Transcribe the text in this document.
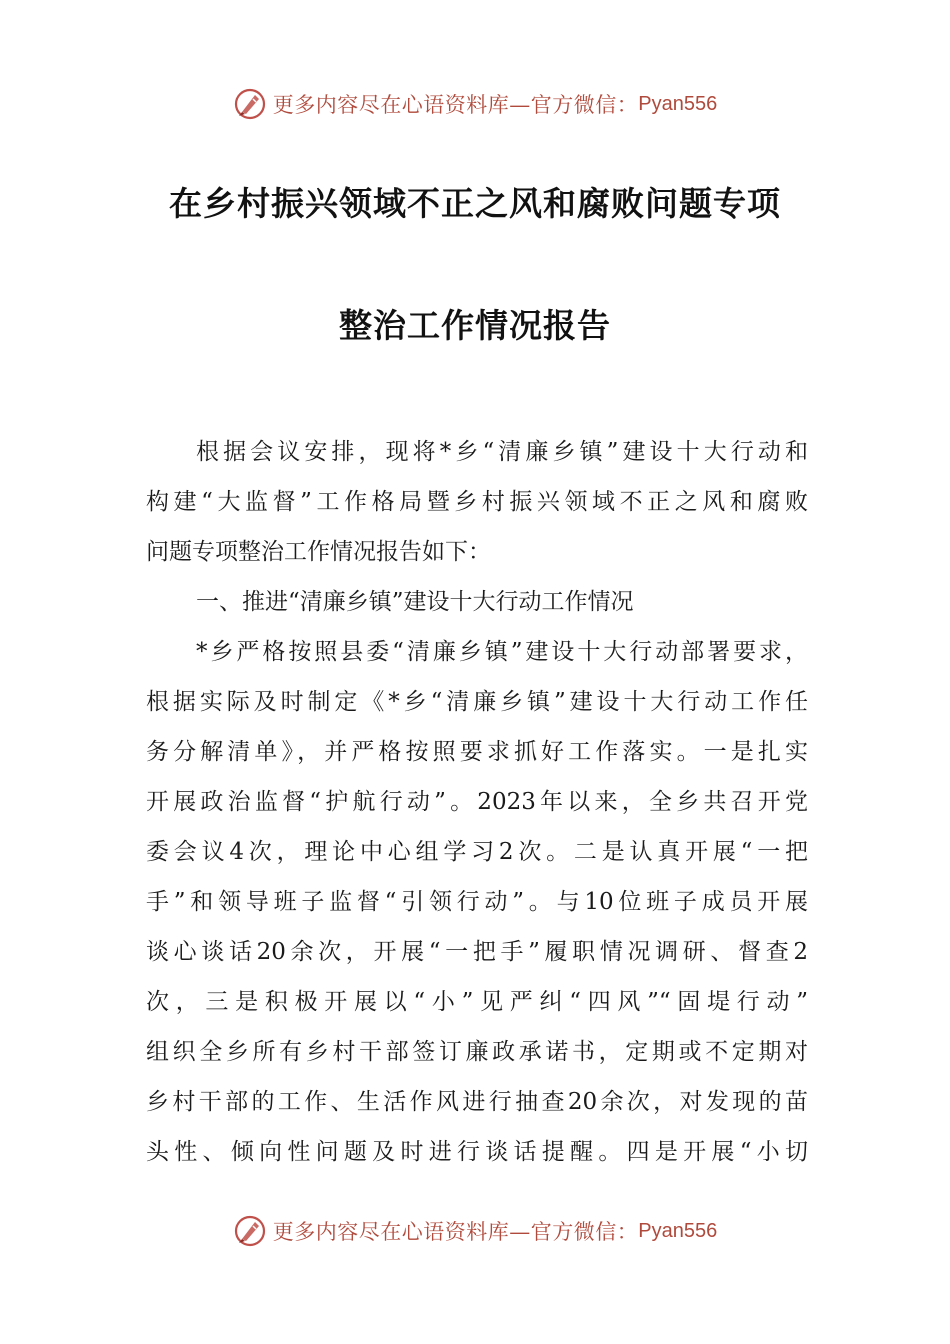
更多内容尽在心语资料库—官方微信： Pyan556
在乡村振兴领域不正之风和腐败问题专项
整治工作情况报告
根据会议安排，现将*乡“清廉乡镇”建设十大行动和
构建“大监督”工作格局暨乡村振兴领域不正之风和腐败
问题专项整治工作情况报告如下：
一、推进“清廉乡镇”建设十大行动工作情况
*乡严格按照县委“清廉乡镇”建设十大行动部署要求，
根据实际及时制定《*乡“清廉乡镇”建设十大行动工作任
务分解清单》，并严格按照要求抓好工作落实。一是扎实
开展政治监督“护航行动”。2023年以来，全乡共召开党
委会议4次，理论中心组学习2次。二是认真开展“一把
手”和领导班子监督“引领行动”。与10位班子成员开展
谈心谈话20余次，开展“一把手”履职情况调研、督查2
次，三是积极开展以“小”见严纠“四风”“固堤行动”
组织全乡所有乡村干部签订廉政承诺书，定期或不定期对
乡村干部的工作、生活作风进行抽查20余次，对发现的苗
头性、倾向性问题及时进行谈话提醒。四是开展“小切
更多内容尽在心语资料库—官方微信： Pyan556
